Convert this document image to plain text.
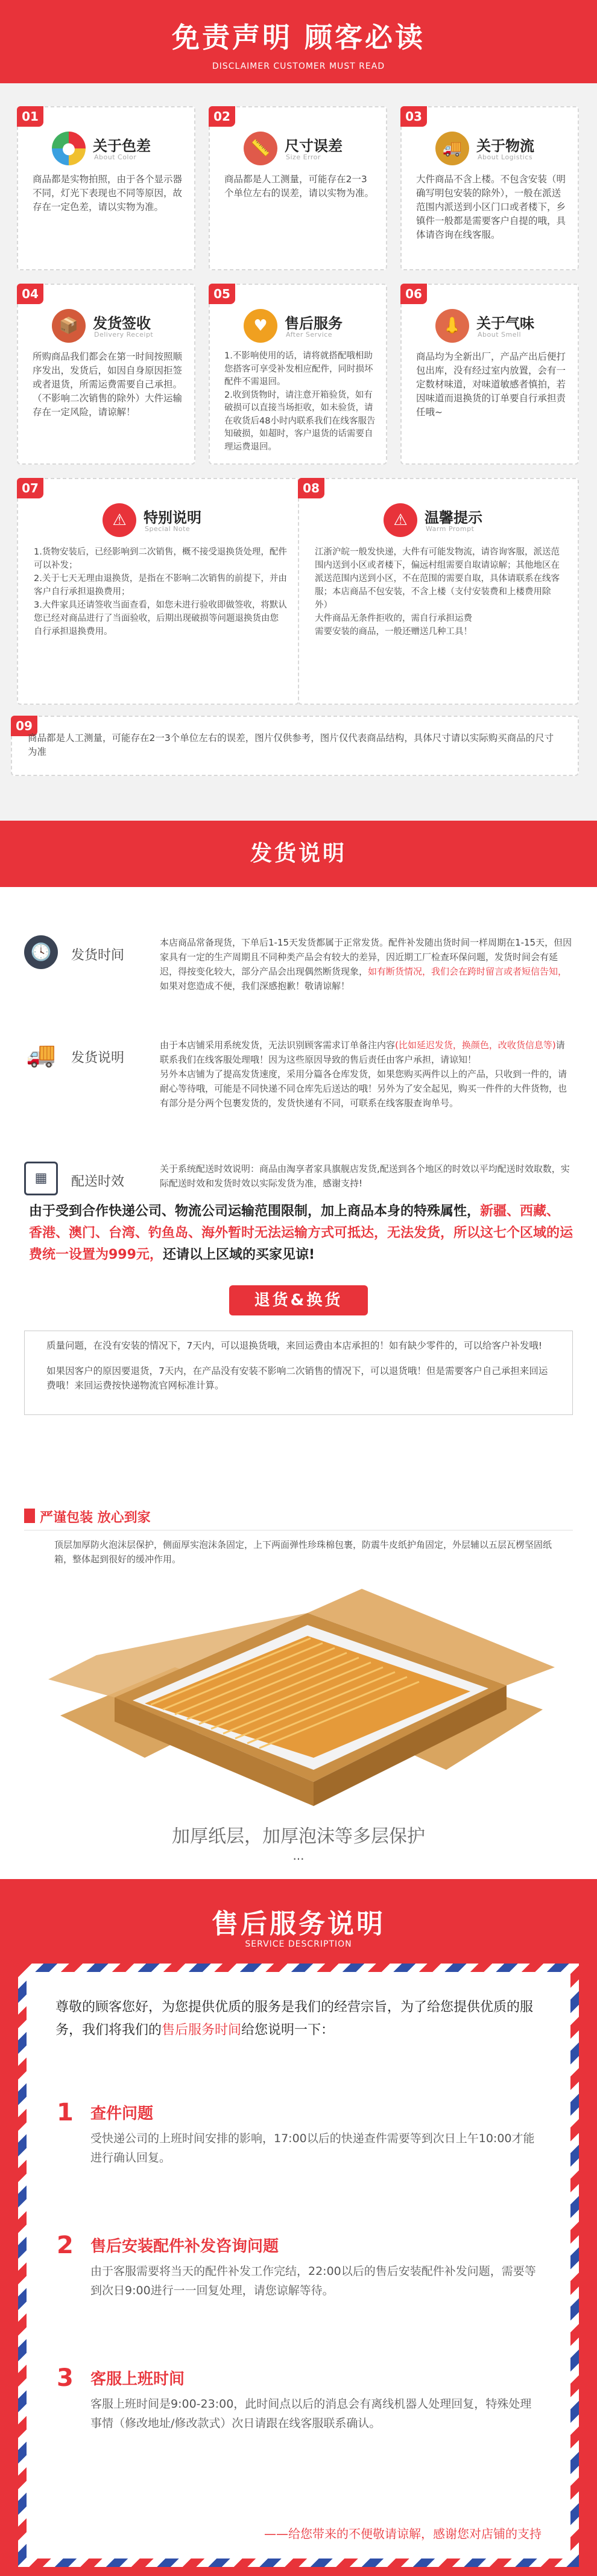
免责声明 顾客必读
DISCLAIMER CUSTOMER MUST READ
01
●	关于色差
About Color
商品都是实物拍照，由于各个显示器不同，灯光下表现也不同等原因，故存在一定色差，请以实物为准。
02
📏 尺寸误差
Size Error
商品都是人工测量，可能存在2一3个单位左右的误差，请以实物为准。
03
🚚 关于物流
About Logistics
大件商品不含上楼。不包含安装（明确写明包安装的除外），一般在派送范围内派送到小区门口或者楼下，乡镇件一般都是需要客户自提的哦，具体请咨询在线客服。
04
📦 发货签收
Delivery Receipt
所购商品我们都会在第一时间按照顺序发出，发货后，如因自身原因拒签或者退货，所需运费需要自己承担。（不影响二次销售的除外）大件运输存在一定风险，请谅解！
05
♥	售后服务
After Service
1.不影响使用的话，请将就搭配哦相助您搭客可享受补发相应配件，同时损坏配件不需退回。
2.收到货物时，请注意开箱验货，如有破损可以直接当场拒收，如未验货，请在收货后48小时内联系我们在线客服告知破损，如超时，客户退货的话需要自理运费退回。
06
👃 关于气味
About Smell
商品均为全新出厂，产品产出后便打包出库，没有经过室内放置，会有一定数材味道，对味道敏感者慎拍，若因味道而退换货的订单要自行承担责任哦~
07
⚠	特别说明
Special Note
1.货物安装后，已经影响到二次销售，概不接受退换货处理，配件可以补发；
2.关于七天无理由退换货，是指在不影响二次销售的前提下，并由客户自行承担退换费用；
3.大件家具还请签收当面查看，如您未进行验收即做签收，将默认您已经对商品进行了当面验收，后期出现破损等问题退换货由您自行承担退换费用。
08
⚠	温馨提示
Warm Prompt
江浙沪皖一般发快递，大件有可能发物流，请咨询客服，派送范围内送到小区或者楼下，偏远村组需要自取请谅解；其他地区在派送范围内送到小区，不在范围的需要自取，具体请联系在线客服；本店商品不包安装，不含上楼（支付安装费和上楼费用除外）
大件商品无条件拒收的，需自行承担运费
需要安装的商品，一般还赠送几种工具！
09
商品都是人工测量，可能存在2一3个单位左右的误差，图片仅供参考，图片仅代表商品结构，具体尺寸请以实际购买商品的尺寸为准
发货说明
🕓	发货时间
本店商品常备现货，下单后1-15天发货都属于正常发货。配件补发随出货时间一样周期在1-15天，但因家具有一定的生产周期且不同种类产品会有较大的差异，因近期工厂检查环保问题，发货时间会有延迟，得按变化较大，部分产品会出现偶然断货现象，如有断货情况，我们会在跨时留言或者短信告知，如果对您造成不便，我们深感抱歉！敬请谅解！
🚚 发货说明
由于本店铺采用系统发货，无法识别顾客需求订单备注内容(比如延迟发货，换颜色，改收货信息等)请联系我们在线客服处理哦！因为这些原因导致的售后责任由客户承担，请谅知！
另外本店铺为了提高发货速度，采用分篇各仓库发货，如果您购买两件以上的产品，只收到一件的，请耐心等待哦，可能是不同快递不同仓库先后送达的哦！另外为了安全起见，购买一件件的大件货物，也有部分是分两个包裹发货的，发货快递有不同，可联系在线客服查询单号。
▦	配送时效
关于系统配送时效说明：商品由淘享者家具旗舰店发货,配送到各个地区的时效以平均配送时效取数，实际配送时效和发货时效以实际发货为准，感谢支持!
由于受到合作快递公司、物流公司运输范围限制，加上商品本身的特殊属性，新疆、西藏、香港、澳门、台湾、钓鱼岛、海外暂时无法运输方式可抵达，无法发货，所以这七个区域的运费统一设置为999元，还请以上区域的买家见谅!
退货&换货

质量问题，在没有安装的情况下，7天内，可以退换货哦，来回运费由本店承担的！如有缺少零件的，可以给客户补发哦!

如果因客户的原因要退货，7天内，在产品没有安装不影响二次销售的情况下，可以退货哦！但是需要客户自己承担来回运费哦！来回运费按快递物流官网标准计算。

严谨包装 放心到家
顶层加厚防火泡沫层保护，侧面厚实泡沫条固定，上下两面弹性珍珠棉包裹，防震牛皮纸护角固定，外层辅以五层瓦楞坚固纸箱，整体起到很好的缓冲作用。
加厚纸层，加厚泡沫等多层保护
...
售后服务说明
SERVICE DESCRIPTION
尊敬的顾客您好，为您提供优质的服务是我们的经营宗旨，为了给您提供优质的服务，我们将我们的售后服务时间给您说明一下：
1 查件问题
受快递公司的上班时间安排的影响，17:00以后的快递查件需要等到次日上午10:00才能进行确认回复。
2 售后安装配件补发咨询问题
由于客服需要将当天的配件补发工作完结，22:00以后的售后安装配件补发问题，需要等到次日9:00进行一一回复处理，请您谅解等待。
3 客服上班时间
客服上班时间是9:00-23:00，此时间点以后的消息会有离线机器人处理回复，特殊处理事情（修改地址/修改款式）次日请跟在线客服联系确认。
——给您带来的不便敬请谅解，感谢您对店铺的支持
